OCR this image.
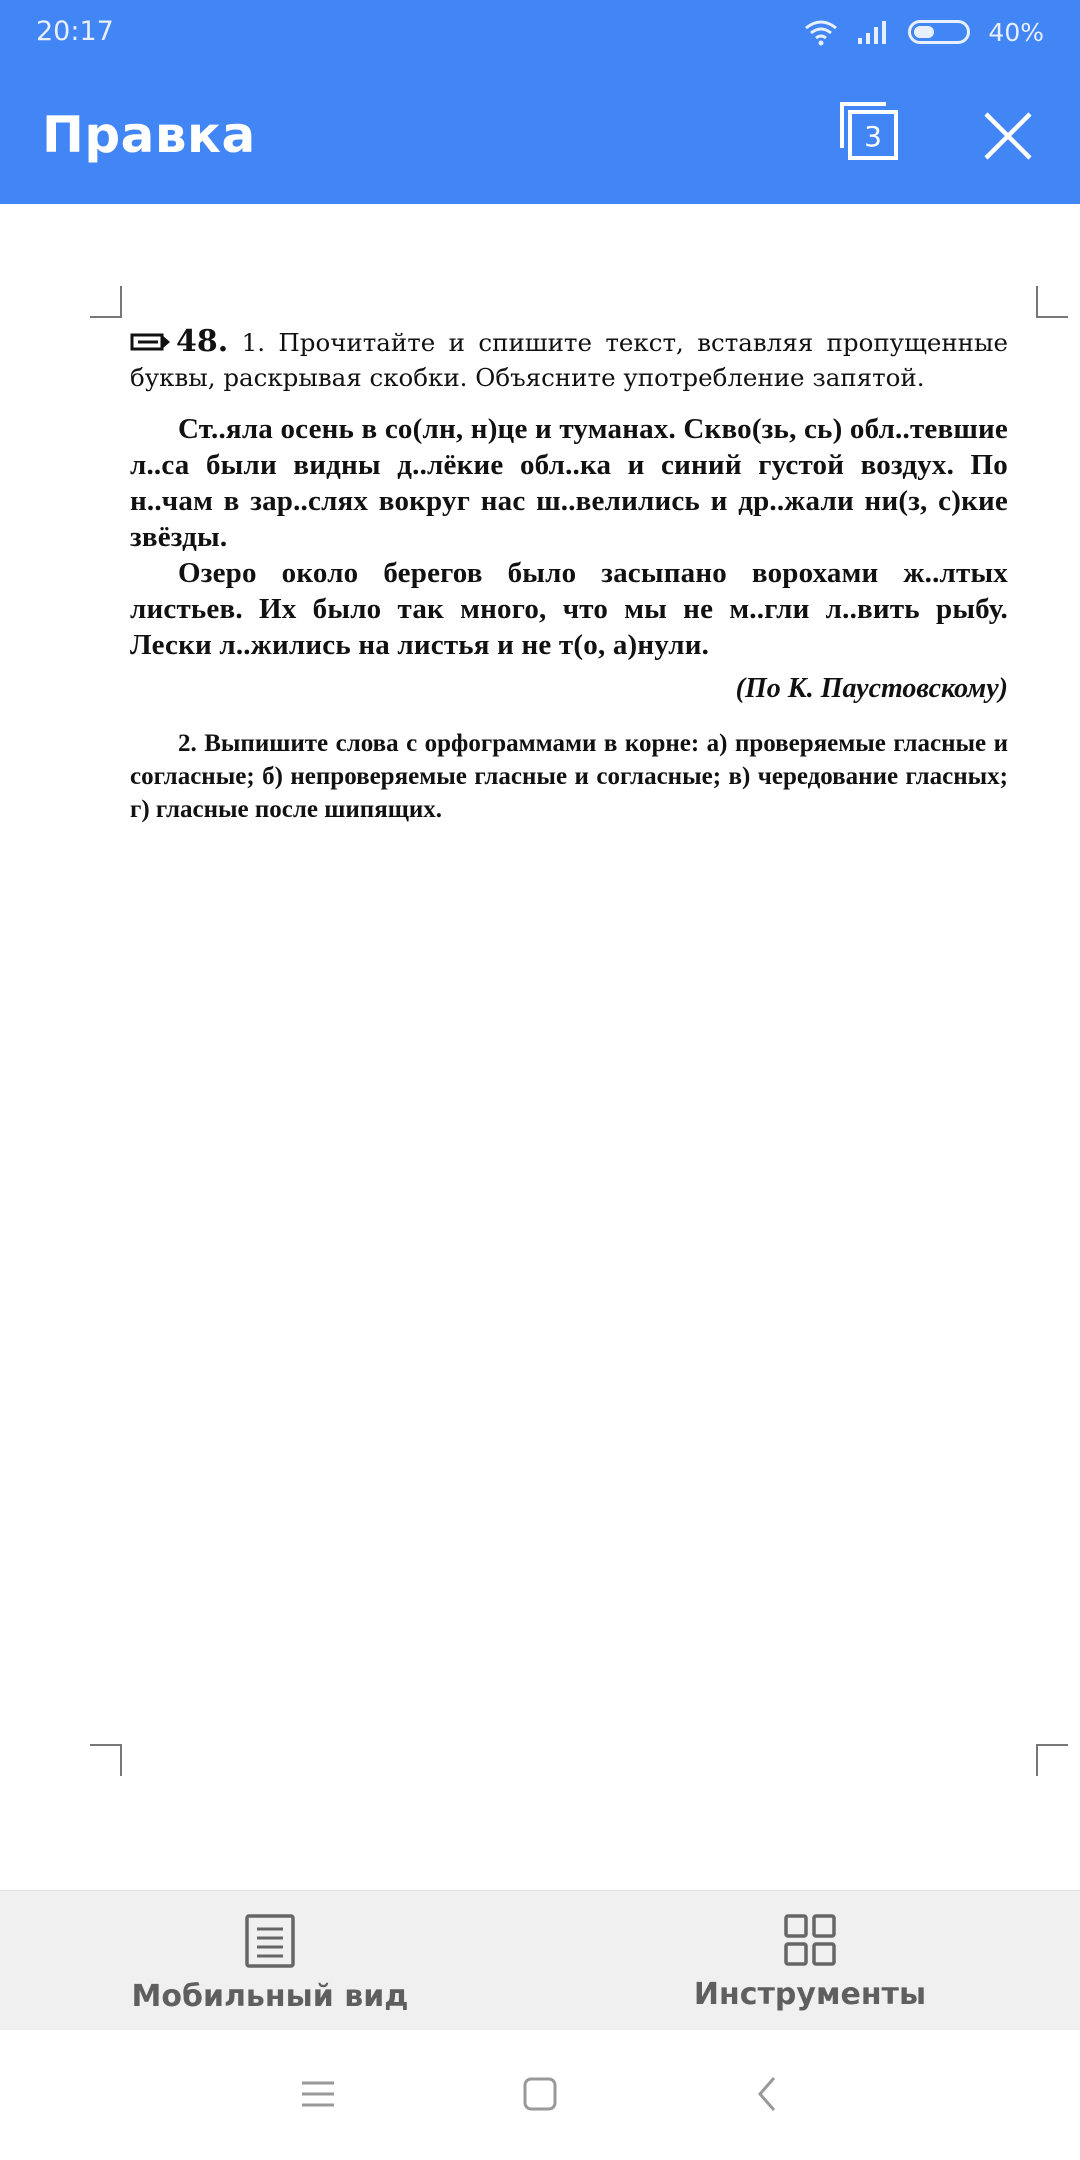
20:17	40%
Правка	3
48. 1. Прочитайте и спишите текст, вставляя пропущенные буквы, раскрывая скобки. Объясните употребление запятой.

Ст..яла осень в со(лн, н)це и туманах. Скво(зь, сь) обл..тевшие л..са были видны д..лёкие обл..ка и синий густой воздух. По н..чам в зар..слях вокруг нас ш..велились и др..жали ни(з, с)кие звёзды.

Озеро около берегов было засыпано ворохами ж..лтых листьев. Их было так много, что мы не м..гли л..вить рыбу. Лески л..жились на листья и не т(о, а)нули.

(По К. Паустовскому)
2. Выпишите слова с орфограммами в корне: а) проверяемые гласные и согласные; б) непроверяемые гласные и согласные; в) чередование гласных; г) гласные после шипящих.
Мобильный вид	Инструменты
